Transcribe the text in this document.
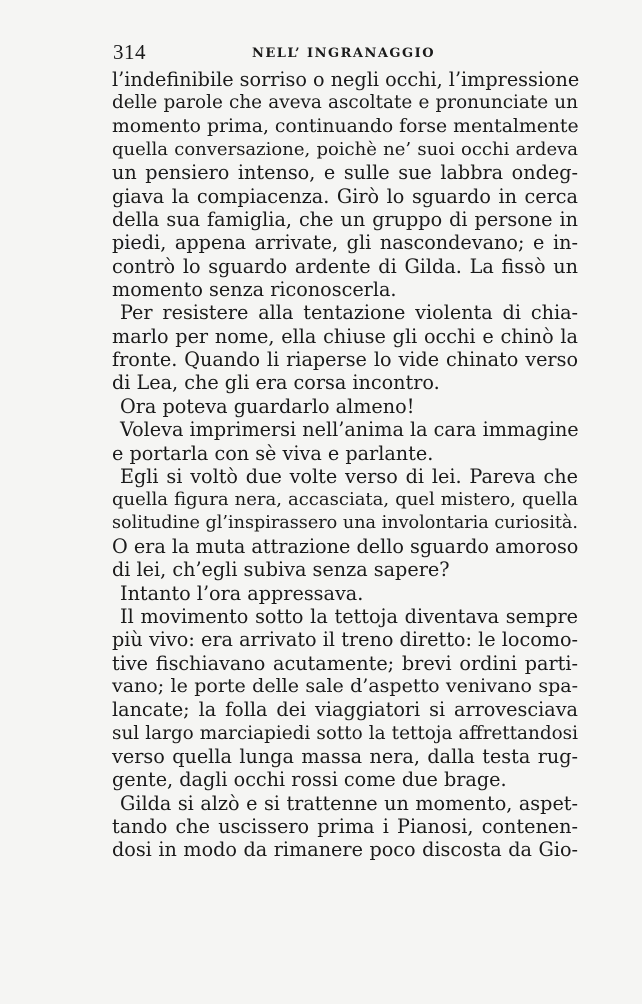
314	NELL’ INGRANAGGIO
l’indefinibile sorriso o negli occhi, l’impressione
delle parole che aveva ascoltate e pronunciate un
momento prima, continuando forse mentalmente
quella conversazione, poichè ne’ suoi occhi ardeva
un pensiero intenso, e sulle sue labbra ondeg-
giava la compiacenza. Girò lo sguardo in cerca
della sua famiglia, che un gruppo di persone in
piedi, appena arrivate, gli nascondevano; e in-
contrò lo sguardo ardente di Gilda. La fissò un
momento senza riconoscerla.
Per resistere alla tentazione violenta di chia-
marlo per nome, ella chiuse gli occhi e chinò la
fronte. Quando li riaperse lo vide chinato verso
di Lea, che gli era corsa incontro.
Ora poteva guardarlo almeno!
Voleva imprimersi nell’anima la cara immagine
e portarla con sè viva e parlante.
Egli si voltò due volte verso di lei. Pareva che
quella figura nera, accasciata, quel mistero, quella
solitudine gl’inspirassero una involontaria curiosità.
O era la muta attrazione dello sguardo amoroso
di lei, ch’egli subiva senza sapere?
Intanto l’ora appressava.
Il movimento sotto la tettoja diventava sempre
più vivo: era arrivato il treno diretto: le locomo-
tive fischiavano acutamente; brevi ordini parti-
vano; le porte delle sale d’aspetto venivano spa-
lancate; la folla dei viaggiatori si arrovesciava
sul largo marciapiedi sotto la tettoja affrettandosi
verso quella lunga massa nera, dalla testa rug-
gente, dagli occhi rossi come due brage.
Gilda si alzò e si trattenne un momento, aspet-
tando che uscissero prima i Pianosi, contenen-
dosi in modo da rimanere poco discosta da Gio-
